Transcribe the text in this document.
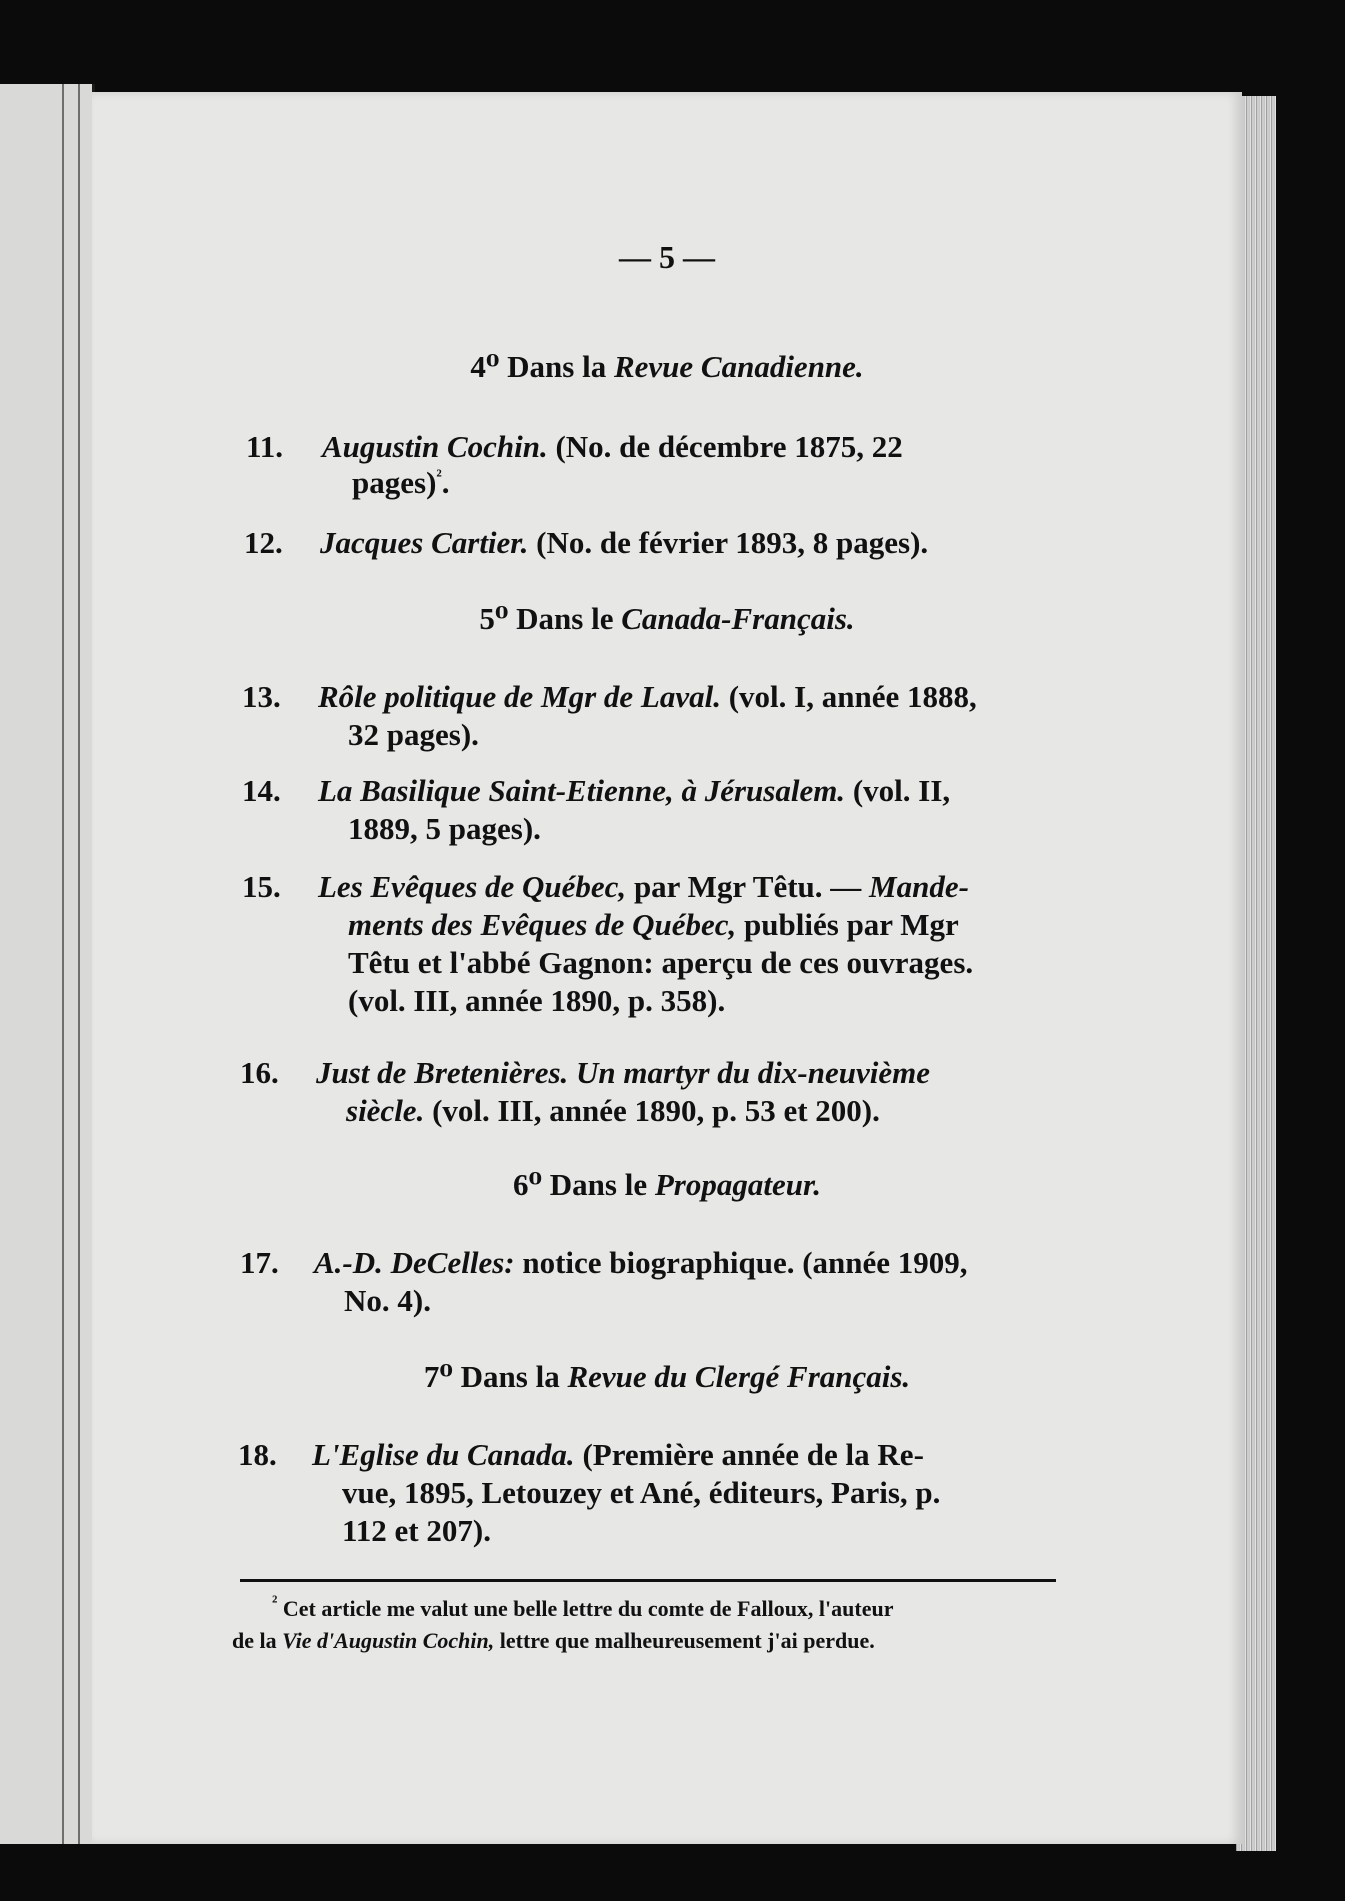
— 5 —
4⁰ Dans la Revue Canadienne.
11. Augustin Cochin. (No. de décembre 1875, 22
pages)$^{^2}$.
12. Jacques Cartier. (No. de février 1893, 8 pages).
5⁰ Dans le Canada-Français.
13. Rôle politique de Mgr de Laval. (vol. I, année 1888,
32 pages).
14. La Basilique Saint-Etienne, à Jérusalem. (vol. II,
1889, 5 pages).
15. Les Evêques de Québec, par Mgr Têtu. — Mande-
ments des Evêques de Québec, publiés par Mgr
Têtu et l'abbé Gagnon: aperçu de ces ouvrages.
(vol. III, année 1890, p. 358).
16. Just de Bretenières. Un martyr du dix-neuvième
siècle. (vol. III, année 1890, p. 53 et 200).
6⁰ Dans le Propagateur.
17. A.-D. DeCelles: notice biographique. (année 1909,
No. 4).
7⁰ Dans la Revue du Clergé Français.
18. L'Eglise du Canada. (Première année de la Re-
vue, 1895, Letouzey et Ané, éditeurs, Paris, p.
112 et 207).
$^{^2}$ Cet article me valut une belle lettre du comte de Falloux, l'auteur
de la Vie d'Augustin Cochin, lettre que malheureusement j'ai perdue.
